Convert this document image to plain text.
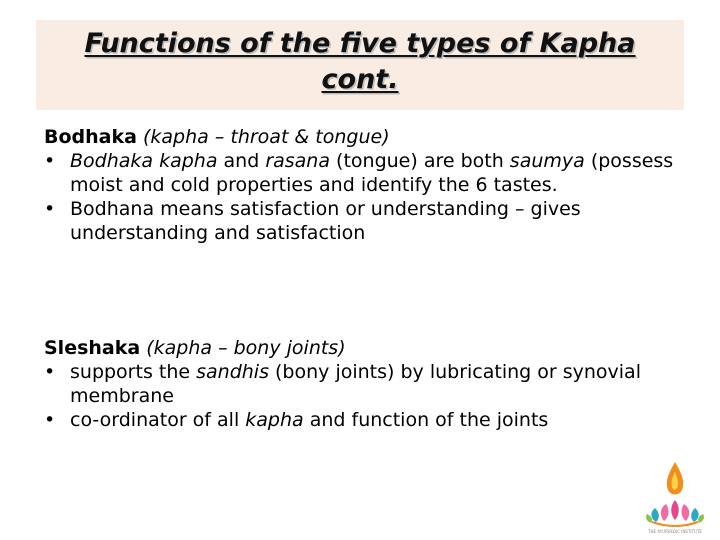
Functions of the five types of Kapha
cont.
Bodhaka (kapha – throat & tongue)
• Bodhaka kapha and rasana (tongue) are both saumya (possess moist and cold properties and identify the 6 tastes.
• Bodhana means satisfaction or understanding – gives understanding and satisfaction
Sleshaka (kapha – bony joints)
• supports the sandhis (bony joints) by lubricating or synovial membrane
• co-ordinator of all kapha and function of the joints
THE AYURVEDIC INSTITUTE
